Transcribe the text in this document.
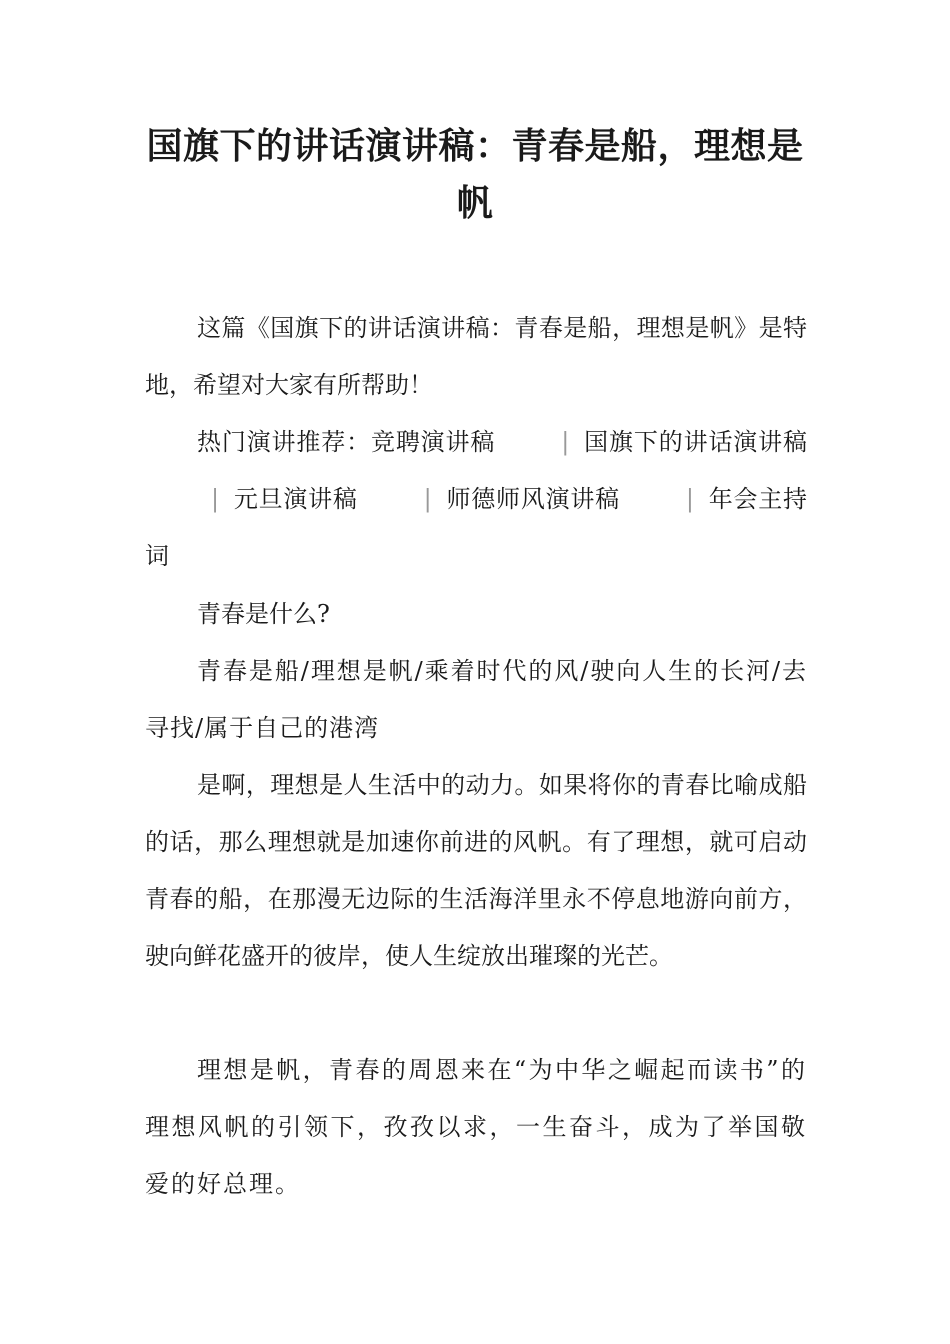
国旗下的讲话演讲稿：青春是船，理想是帆

这篇《国旗下的讲话演讲稿：青春是船，理想是帆》是特地，希望对大家有所帮助！

热门演讲推荐：竞聘演讲稿	| 国旗下的讲话演讲稿| 元旦演讲稿	| 师德师风演讲稿	| 年会主持词

青春是什么?

青春是船/理想是帆/乘着时代的风/驶向人生的长河/去寻找/属于自己的港湾

是啊，理想是人生活中的动力。如果将你的青春比喻成船的话，那么理想就是加速你前进的风帆。有了理想，就可启动青春的船，在那漫无边际的生活海洋里永不停息地游向前方，驶向鲜花盛开的彼岸，使人生绽放出璀璨的光芒。

理想是帆，青春的周恩来在“为中华之崛起而读书”的理想风帆的引领下，孜孜以求，一生奋斗，成为了举国敬爱的好总理。
